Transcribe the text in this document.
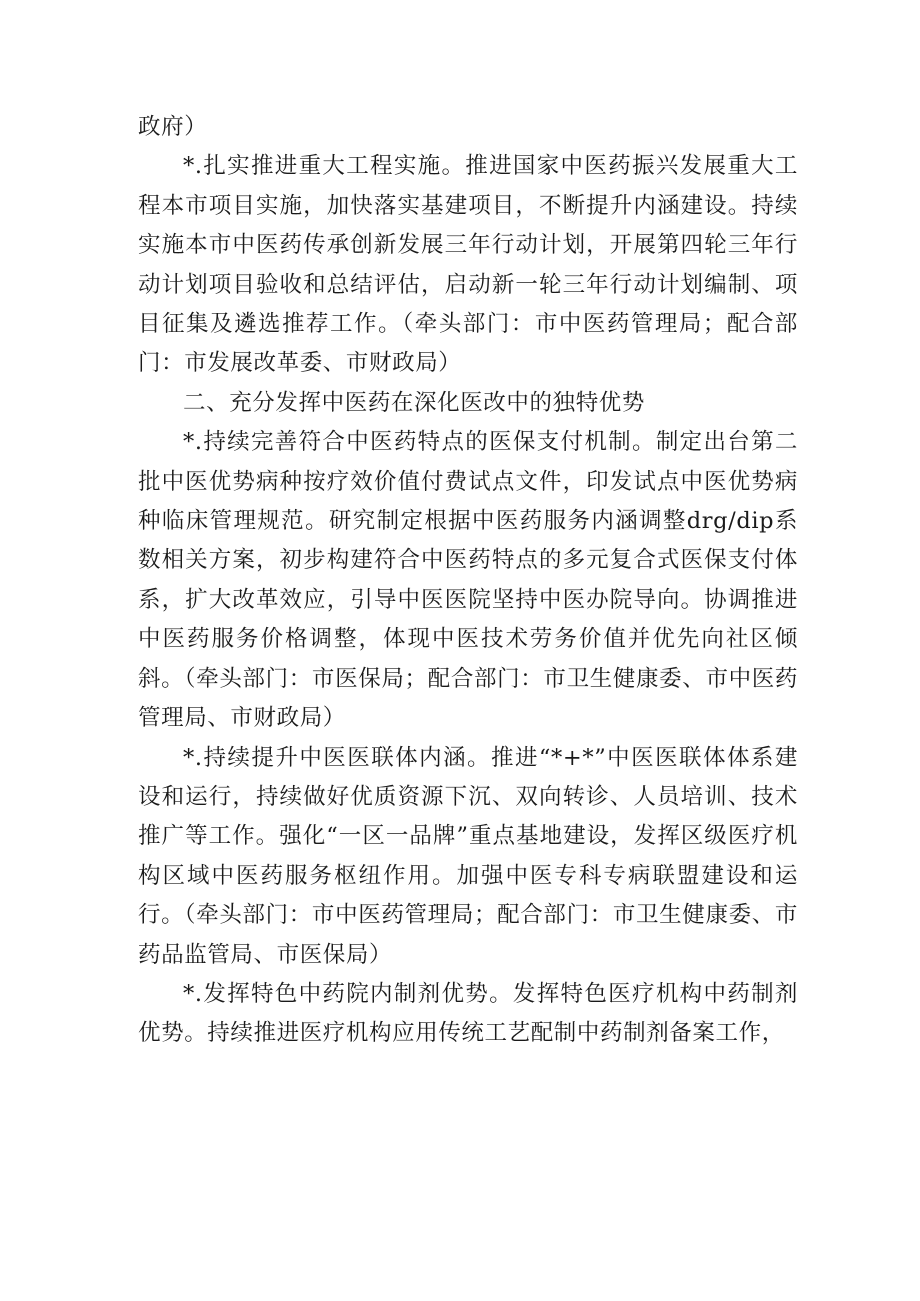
政府）

*.扎实推进重大工程实施。推进国家中医药振兴发展重大工程本市项目实施，加快落实基建项目，不断提升内涵建设。持续实施本市中医药传承创新发展三年行动计划，开展第四轮三年行动计划项目验收和总结评估，启动新一轮三年行动计划编制、项目征集及遴选推荐工作。（牵头部门：市中医药管理局；配合部门：市发展改革委、市财政局）

二、充分发挥中医药在深化医改中的独特优势

*.持续完善符合中医药特点的医保支付机制。制定出台第二批中医优势病种按疗效价值付费试点文件，印发试点中医优势病种临床管理规范。研究制定根据中医药服务内涵调整drg/dip系数相关方案，初步构建符合中医药特点的多元复合式医保支付体系，扩大改革效应，引导中医医院坚持中医办院导向。协调推进中医药服务价格调整，体现中医技术劳务价值并优先向社区倾斜。（牵头部门：市医保局；配合部门：市卫生健康委、市中医药管理局、市财政局）

*.持续提升中医医联体内涵。推进“*+*”中医医联体体系建设和运行，持续做好优质资源下沉、双向转诊、人员培训、技术推广等工作。强化“一区一品牌”重点基地建设，发挥区级医疗机构区域中医药服务枢纽作用。加强中医专科专病联盟建设和运行。（牵头部门：市中医药管理局；配合部门：市卫生健康委、市药品监管局、市医保局）

*.发挥特色中药院内制剂优势。发挥特色医疗机构中药制剂优势。持续推进医疗机构应用传统工艺配制中药制剂备案工作，
